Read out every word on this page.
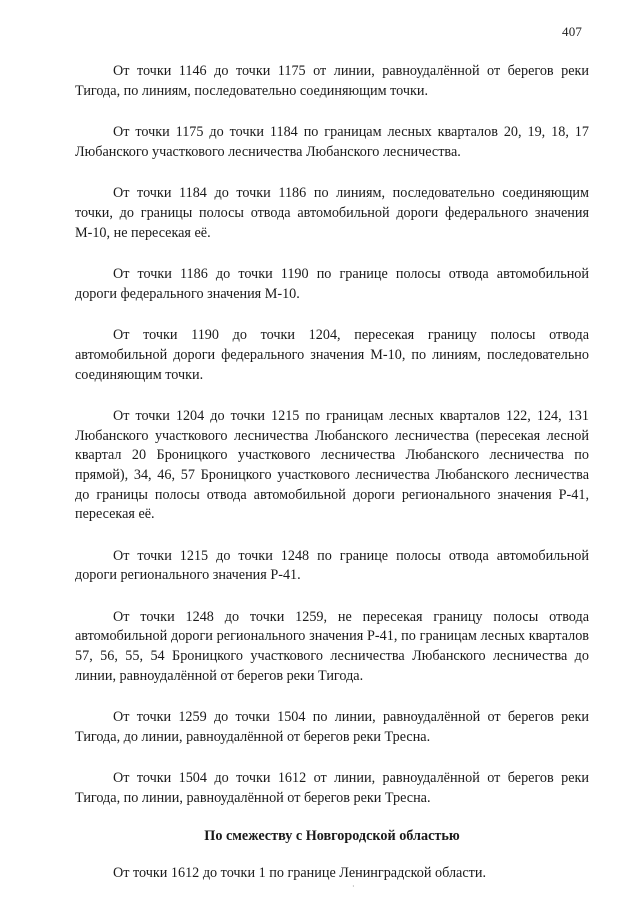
407

От точки 1146 до точки 1175 от линии, равноудалённой от берегов реки Тигода, по линиям, последовательно соединяющим точки.

От точки 1175 до точки 1184 по границам лесных кварталов 20, 19, 18, 17 Любанского участкового лесничества Любанского лесничества.

От точки 1184 до точки 1186 по линиям, последовательно соединяющим точки, до границы полосы отвода автомобильной дороги федерального значения М-10, не пересекая её.

От точки 1186 до точки 1190 по границе полосы отвода автомобильной дороги федерального значения М-10.

От точки 1190 до точки 1204, пересекая границу полосы отвода автомобильной дороги федерального значения М-10, по линиям, последовательно соединяющим точки.

От точки 1204 до точки 1215 по границам лесных кварталов 122, 124, 131 Любанского участкового лесничества Любанского лесничества (пересекая лесной квартал 20 Броницкого участкового лесничества Любанского лесничества по прямой), 34, 46, 57 Броницкого участкового лесничества Любанского лесничества до границы полосы отвода автомобильной дороги регионального значения Р-41, пересекая её.

От точки 1215 до точки 1248 по границе полосы отвода автомобильной дороги регионального значения Р-41.

От точки 1248 до точки 1259, не пересекая границу полосы отвода автомобильной дороги регионального значения Р-41, по границам лесных кварталов 57, 56, 55, 54 Броницкого участкового лесничества Любанского лесничества до линии, равноудалённой от берегов реки Тигода.

От точки 1259 до точки 1504 по линии, равноудалённой от берегов реки Тигода, до линии, равноудалённой от берегов реки Тресна.

От точки 1504 до точки 1612 от линии, равноудалённой от берегов реки Тигода, по линии, равноудалённой от берегов реки Тресна.

По смежеству с Новгородской областью

От точки 1612 до точки 1 по границе Ленинградской области.

·
